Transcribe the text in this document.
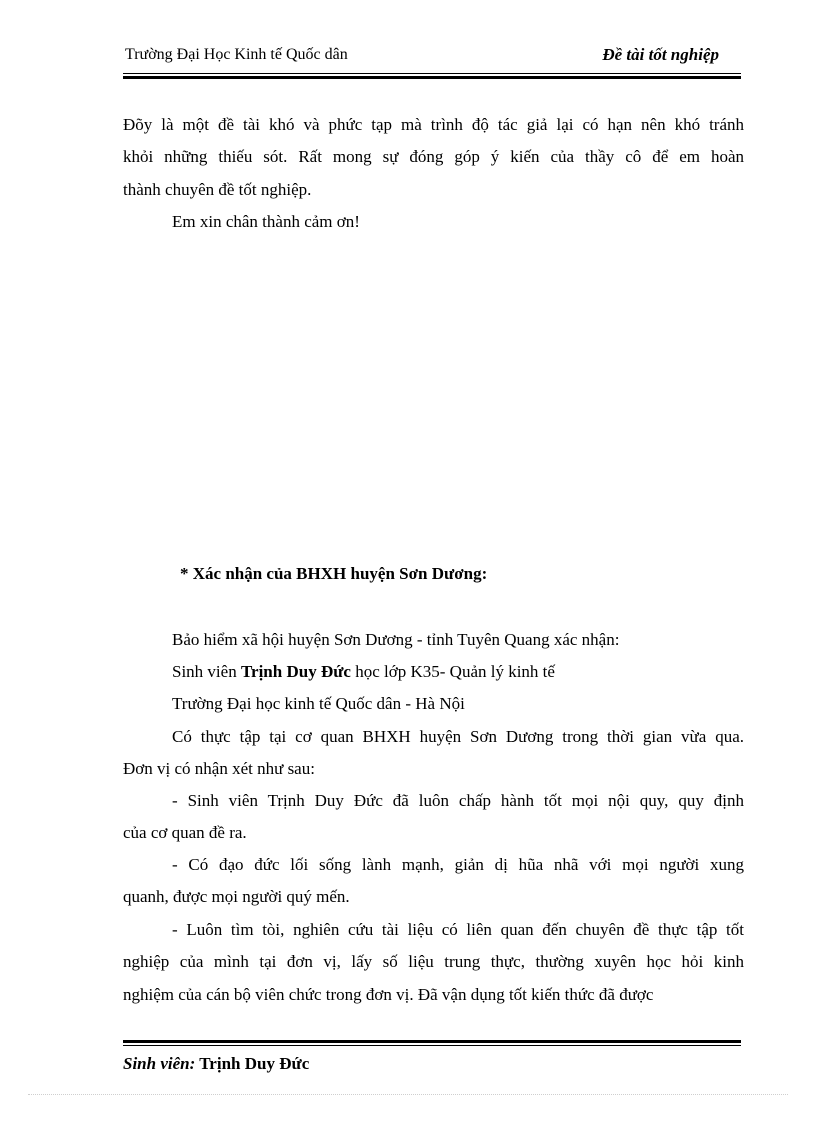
Trường Đại Học Kinh tế Quốc dân	Đề tài tốt nghiệp
Đõy là một đề tài khó và phức tạp mà trình độ tác giả lại có hạn nên khó tránh
khỏi những thiếu sót. Rất mong sự đóng góp ý kiến của thầy cô để em hoàn
thành chuyên đề tốt nghiệp.
Em xin chân thành cảm ơn!
* Xác nhận của BHXH huyện Sơn Dương:
Bảo hiểm xã hội huyện Sơn Dương - tỉnh Tuyên Quang xác nhận:
Sinh viên Trịnh Duy Đức học lớp K35- Quản lý kinh tế
Trường Đại học kinh tế Quốc dân - Hà Nội
Có thực tập tại cơ quan BHXH huyện Sơn Dương trong thời gian vừa qua.
Đơn vị có nhận xét như sau:
- Sinh viên Trịnh Duy Đức đã luôn chấp hành tốt mọi nội quy, quy định
của cơ quan đề ra.
- Có đạo đức lối sống lành mạnh, giản dị hũa nhã với mọi người xung
quanh, được mọi người quý mến.
- Luôn tìm tòi, nghiên cứu tài liệu có liên quan đến chuyên đề thực tập tốt
nghiệp của mình tại đơn vị, lấy số liệu trung thực, thường xuyên học hỏi kinh
nghiệm của cán bộ viên chức trong đơn vị. Đã vận dụng tốt kiến thức đã được
Sinh viên: Trịnh Duy Đức
